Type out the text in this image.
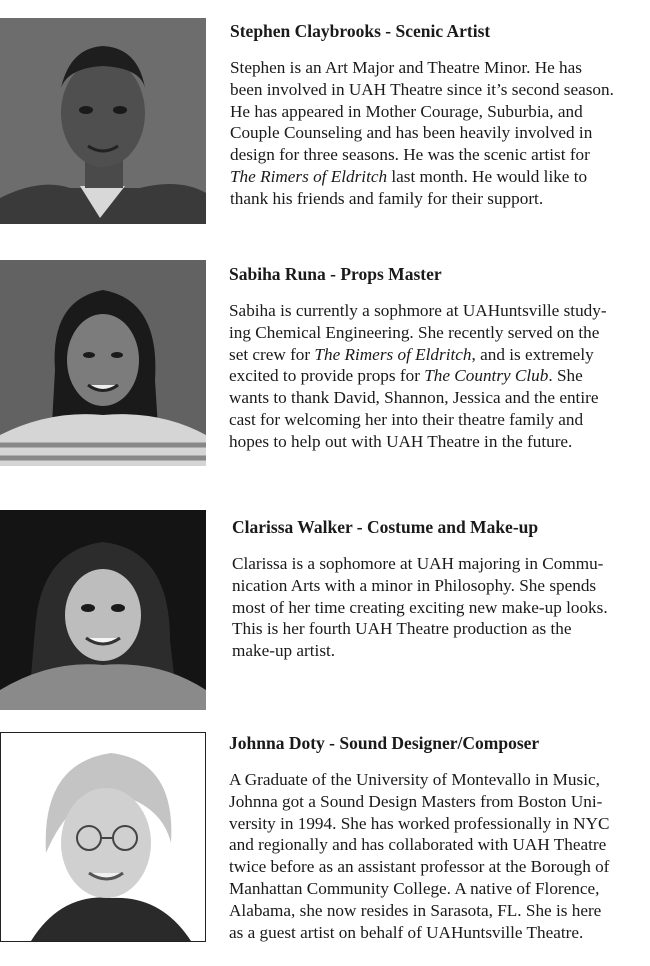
Stephen Claybrooks - Scenic Artist

Stephen is an Art Major and Theatre Minor. He has
been involved in UAH Theatre since it’s second season.
He has appeared in Mother Courage, Suburbia, and
Couple Counseling and has been heavily involved in
design for three seasons. He was the scenic artist for
The Rimers of Eldritch last month. He would like to
thank his friends and family for their support.

Sabiha Runa - Props Master

Sabiha is currently a sophmore at UAHuntsville study-
ing Chemical Engineering. She recently served on the
set crew for The Rimers of Eldritch, and is extremely
excited to provide props for The Country Club. She
wants to thank David, Shannon, Jessica and the entire
cast for welcoming her into their theatre family and
hopes to help out with UAH Theatre in the future.

Clarissa Walker - Costume and Make-up

Clarissa is a sophomore at UAH majoring in Commu-
nication Arts with a minor in Philosophy. She spends
most of her time creating exciting new make-up looks.
This is her fourth UAH Theatre production as the
make-up artist.

Johnna Doty - Sound Designer/Composer

A Graduate of the University of Montevallo in Music,
Johnna got a Sound Design Masters from Boston Uni-
versity in 1994. She has worked professionally in NYC
and regionally and has collaborated with UAH Theatre
twice before as an assistant professor at the Borough of
Manhattan Community College. A native of Florence,
Alabama, she now resides in Sarasota, FL. She is here
as a guest artist on behalf of UAHuntsville Theatre.
